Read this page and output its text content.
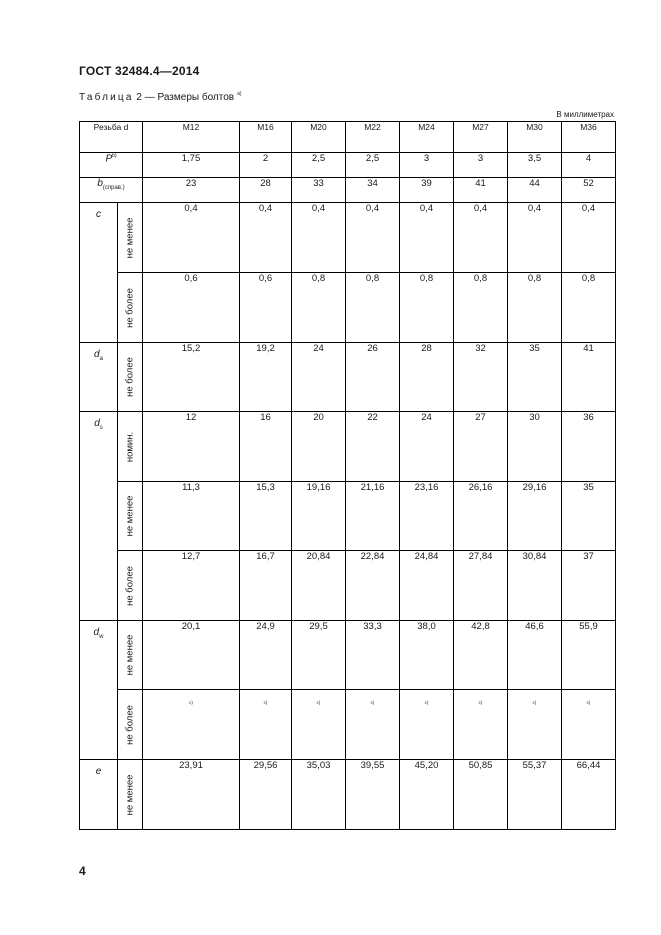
ГОСТ 32484.4—2014
Таблица 2 — Размеры болтов $^{a)}$
В миллиметрах
Резьба d		M12	M16	M20	M22	M24	M27	M30	M36
$P^{b)}$		1,75	2	2,5	2,5	3	3	3,5	4
$b_{(справ.)}$		23	28	33	34	39	41	44	52
c	не менее	0,4	0,4	0,4	0,4	0,4	0,4	0,4	0,4

	не более	0,6	0,6	0,8	0,8	0,8	0,8	0,8	0,8
$d_a$	не более	15,2	19,2	24	26	28	32	35	41
$d_s$	номин.	12	16	20	22	24	27	30	36

	не менее	11,3	15,3	19,16	21,16	23,16	26,16	29,16	35

	не более	12,7	16,7	20,84	22,84	24,84	27,84	30,84	37
$d_w$	не менее	20,1	24,9	29,5	33,3	38,0	42,8	46,6	55,9

	не более	c)	c)	c)	c)	c)	c)	c)	c)
e	не менее	23,91	29,56	35,03	39,55	45,20	50,85	55,37	66,44
4
